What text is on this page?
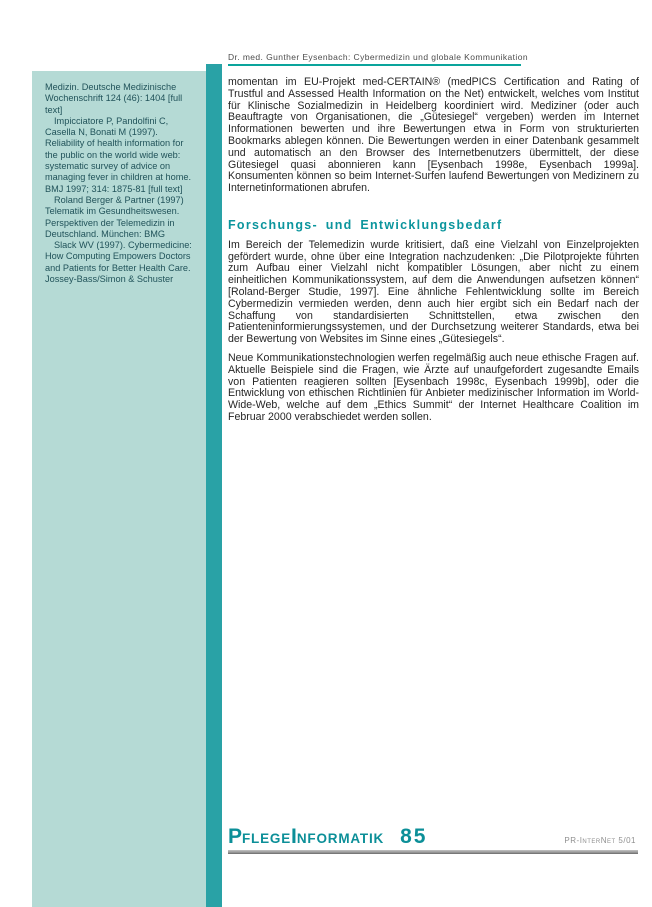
Dr. med. Gunther Eysenbach: Cybermedizin und globale Kommunikation

Medizin. Deutsche Medizinische Wochenschrift 124 (46): 1404 [full text]

Impicciatore P, Pandolfini C, Casella N, Bonati M (1997). Reliability of health information for the public on the world wide web: systematic survey of advice on managing fever in children at home. BMJ 1997; 314: 1875-81 [full text]

Roland Berger & Partner (1997) Telematik im Gesundheitswesen. Perspektiven der Telemedizin in Deutschland. München: BMG

Slack WV (1997). Cybermedicine: How Computing Empowers Doctors and Patients for Better Health Care. Jossey-Bass/Simon & Schuster

momentan im EU-Projekt med-CERTAIN® (medPICS Certification and Rating of Trustful and Assessed Health Information on the Net) entwickelt, welches vom Institut für Klinische Sozialmedizin in Heidelberg koordiniert wird. Mediziner (oder auch Beauftragte von Organisationen, die „Gütesiegel“ vergeben) werden im Internet Informationen bewerten und ihre Bewertungen etwa in Form von strukturierten Bookmarks ablegen können. Die Bewertungen werden in einer Datenbank gesammelt und automatisch an den Browser des Internetbenutzers übermittelt, der diese Gütesiegel quasi abonnieren kann [Eysenbach 1998e, Eysenbach 1999a]. Konsumenten können so beim Internet-Surfen laufend Bewertungen von Medizinern zu Internetinformationen abrufen.

Forschungs- und Entwicklungsbedarf

Im Bereich der Telemedizin wurde kritisiert, daß eine Vielzahl von Einzelprojekten gefördert wurde, ohne über eine Integration nachzudenken: „Die Pilotprojekte führten zum Aufbau einer Vielzahl nicht kompatibler Lösungen, aber nicht zu einem einheitlichen Kommunikationssystem, auf dem die Anwendungen aufsetzen können“ [Roland-Berger Studie, 1997]. Eine ähnliche Fehlentwicklung sollte im Bereich Cybermedizin vermieden werden, denn auch hier ergibt sich ein Bedarf nach der Schaffung von standardisierten Schnittstellen, etwa zwischen den Patienteninformierungssystemen, und der Durchsetzung weiterer Standards, etwa bei der Bewertung von Websites im Sinne eines „Gütesiegels“.

Neue Kommunikationstechnologien werfen regelmäßig auch neue ethische Fragen auf. Aktuelle Beispiele sind die Fragen, wie Ärzte auf unaufgefordert zugesandte Emails von Patienten reagieren sollten [Eysenbach 1998c, Eysenbach 1999b], oder die Entwicklung von ethischen Richtlinien für Anbieter medizinischer Information im World-Wide-Web, welche auf dem „Ethics Summit“ der Internet Healthcare Coalition im Februar 2000 verabschiedet werden sollen.

PFLEGEINFORMATIK 85	PR-InterNet 5/01
